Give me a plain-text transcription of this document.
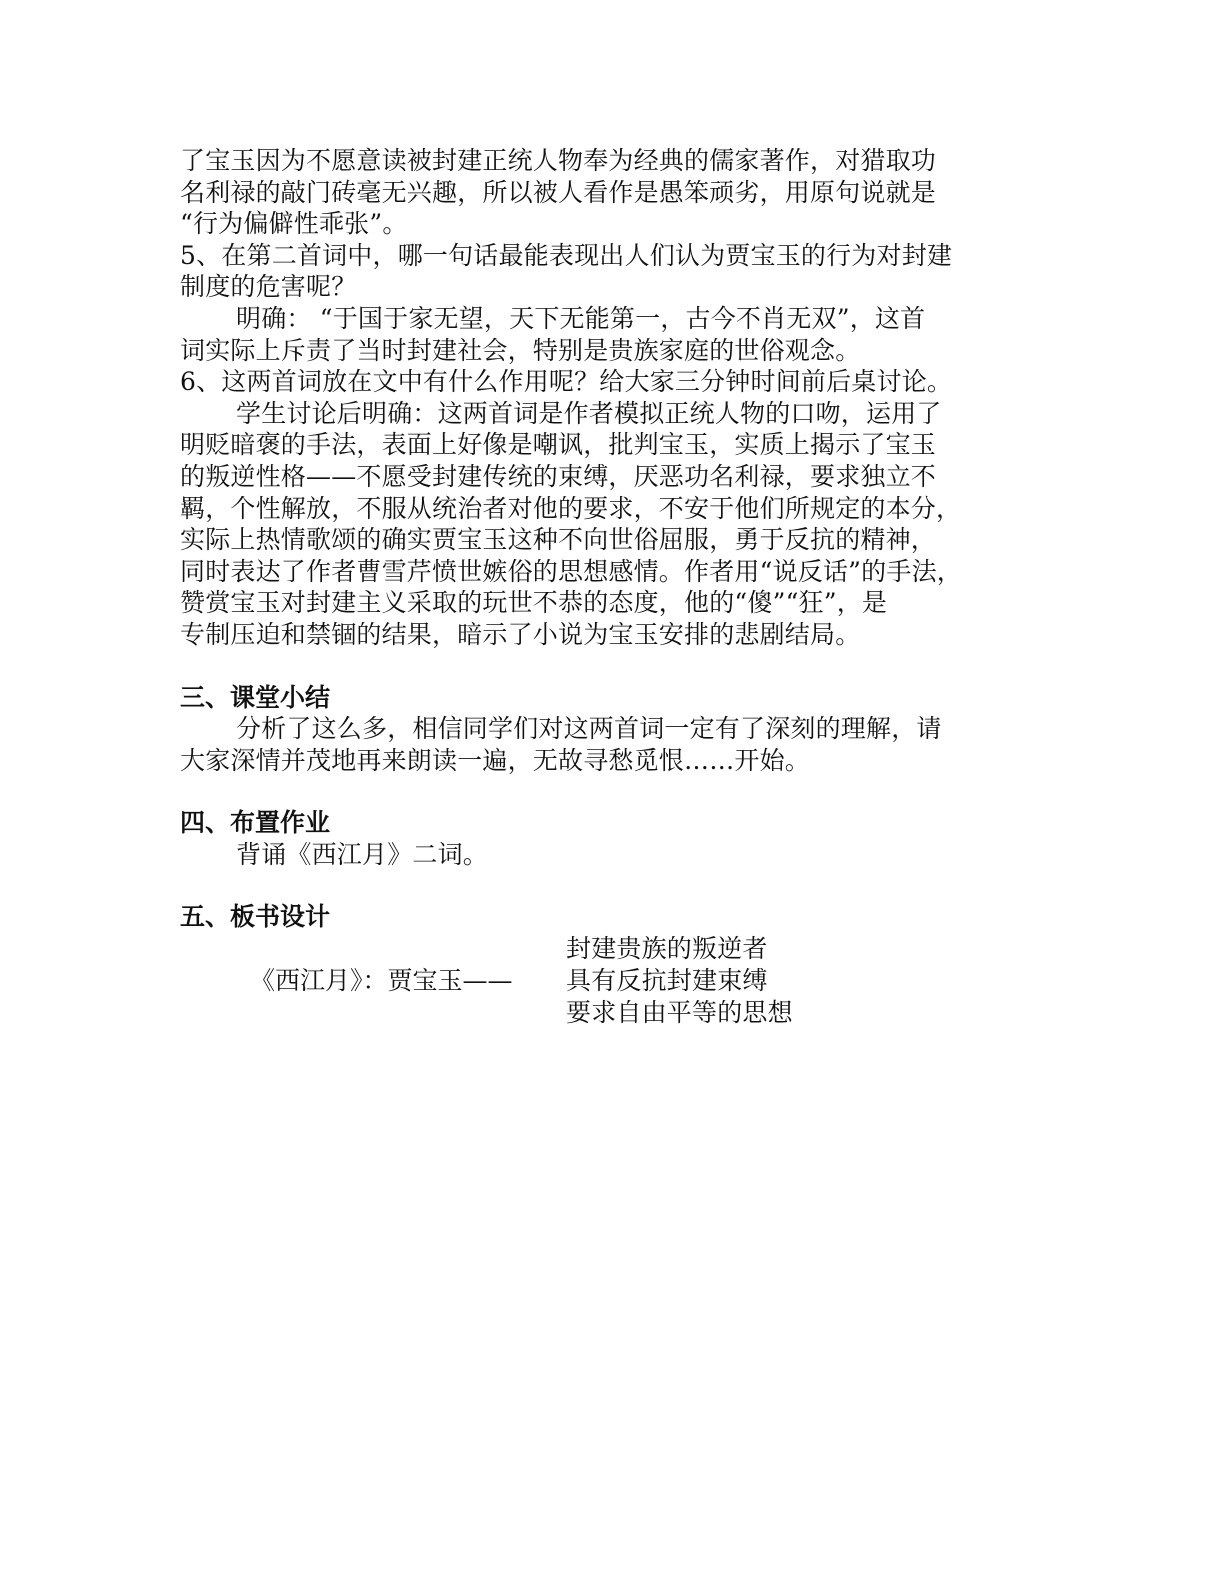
了宝玉因为不愿意读被封建正统人物奉为经典的儒家著作，对猎取功
名利禄的敲门砖毫无兴趣，所以被人看作是愚笨顽劣，用原句说就是
“行为偏僻性乖张”。
5、在第二首词中，哪一句话最能表现出人们认为贾宝玉的行为对封建
制度的危害呢？
明确： “于国于家无望，天下无能第一，古今不肖无双”，这首
词实际上斥责了当时封建社会，特别是贵族家庭的世俗观念。
6、这两首词放在文中有什么作用呢？给大家三分钟时间前后桌讨论。
学生讨论后明确：这两首词是作者模拟正统人物的口吻，运用了
明贬暗褒的手法，表面上好像是嘲讽，批判宝玉，实质上揭示了宝玉
的叛逆性格——不愿受封建传统的束缚，厌恶功名利禄，要求独立不
羁，个性解放，不服从统治者对他的要求，不安于他们所规定的本分，
实际上热情歌颂的确实贾宝玉这种不向世俗屈服，勇于反抗的精神，
同时表达了作者曹雪芹愤世嫉俗的思想感情。作者用“说反话”的手法，
赞赏宝玉对封建主义采取的玩世不恭的态度，他的“傻”“狂”，是
专制压迫和禁锢的结果，暗示了小说为宝玉安排的悲剧结局。
三、课堂小结
分析了这么多，相信同学们对这两首词一定有了深刻的理解，请
大家深情并茂地再来朗读一遍，无故寻愁觅恨……开始。
四、布置作业
背诵《西江月》二词。
五、板书设计
《西江月》：贾宝玉——
封建贵族的叛逆者
具有反抗封建束缚
要求自由平等的思想
